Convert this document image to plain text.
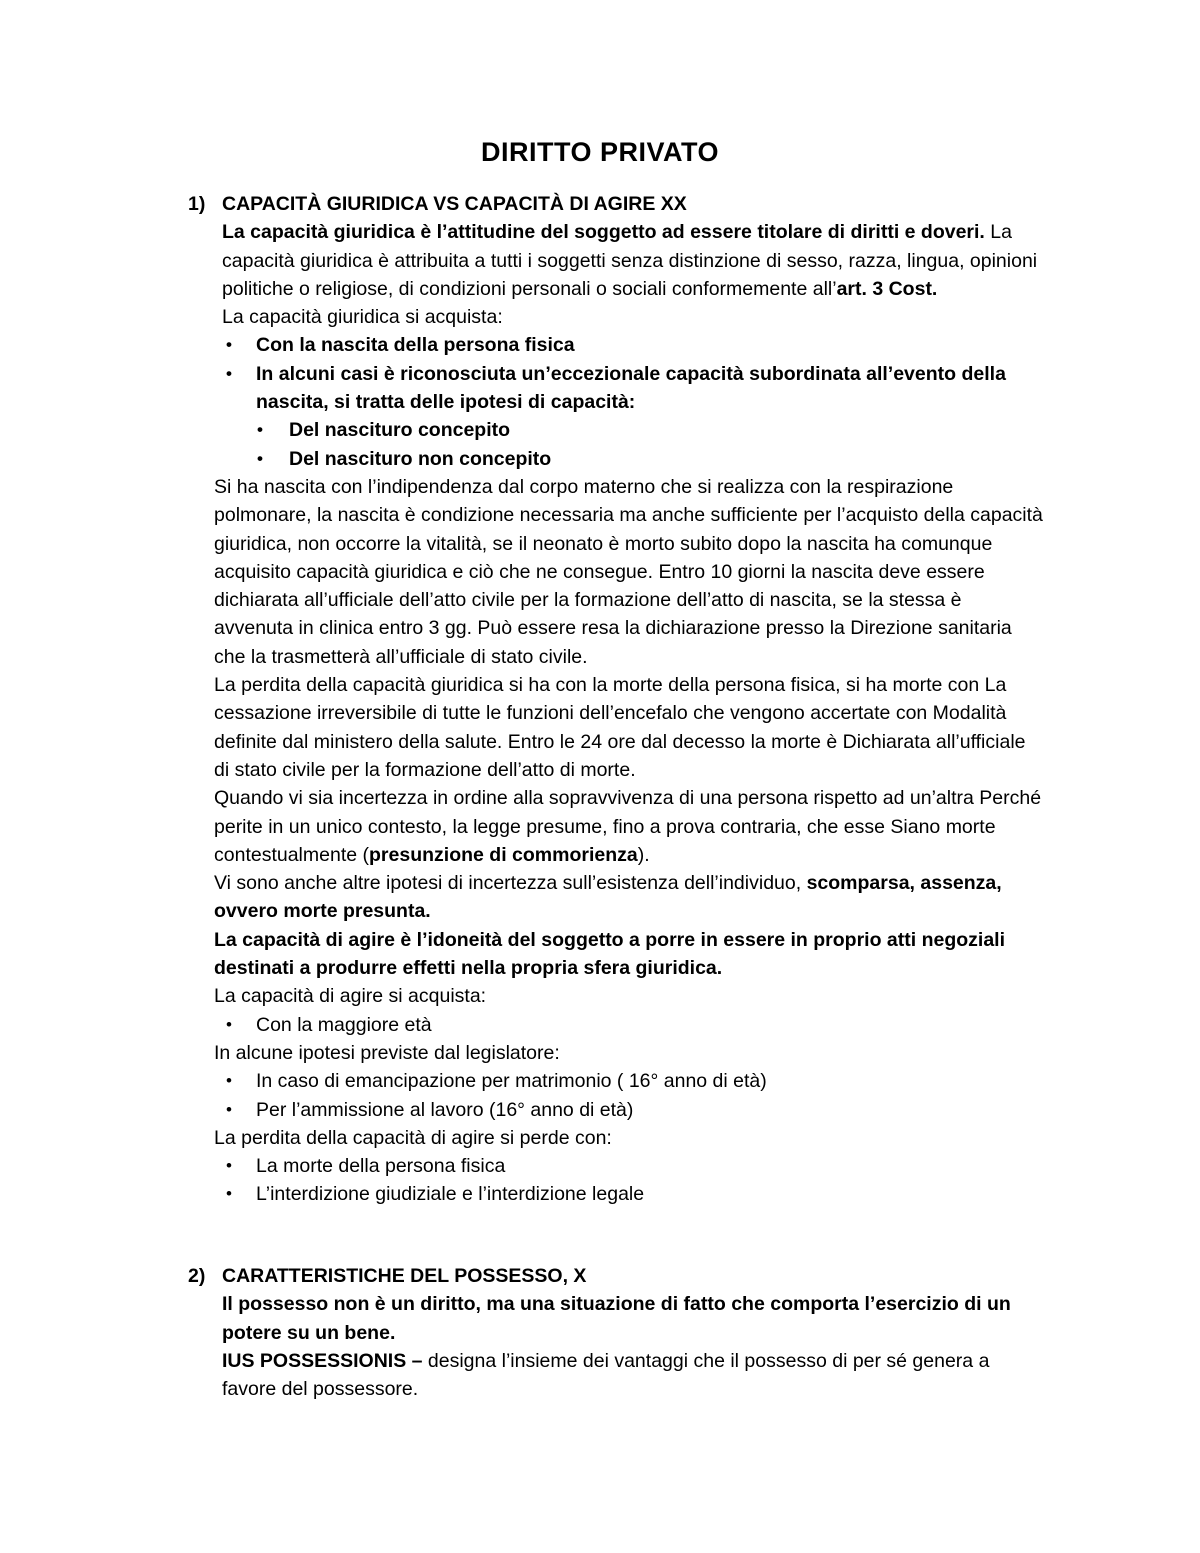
DIRITTO PRIVATO
1) CAPACITÀ GIURIDICA VS CAPACITÀ DI AGIRE XX
La capacità giuridica è l’attitudine del soggetto ad essere titolare di diritti e doveri. La capacità giuridica è attribuita a tutti i soggetti senza distinzione di sesso, razza, lingua, opinioni politiche o religiose, di condizioni personali o sociali conformemente all’art. 3 Cost.
La capacità giuridica si acquista:
• Con la nascita della persona fisica
• In alcuni casi è riconosciuta un’eccezionale capacità subordinata all’evento della nascita, si tratta delle ipotesi di capacità:
• Del nascituro concepito
• Del nascituro non concepito
Si ha nascita con l’indipendenza dal corpo materno che si realizza con la respirazione polmonare, la nascita è condizione necessaria ma anche sufficiente per l’acquisto della capacità giuridica, non occorre la vitalità, se il neonato è morto subito dopo la nascita ha comunque acquisito capacità giuridica e ciò che ne consegue. Entro 10 giorni la nascita deve essere dichiarata all’ufficiale dell’atto civile per la formazione dell’atto di nascita, se la stessa è avvenuta in clinica entro 3 gg. Può essere resa la dichiarazione presso la Direzione sanitaria che la trasmetterà all’ufficiale di stato civile.
La perdita della capacità giuridica si ha con la morte della persona fisica, si ha morte con La cessazione irreversibile di tutte le funzioni dell’encefalo che vengono accertate con Modalità definite dal ministero della salute. Entro le 24 ore dal decesso la morte è Dichiarata all’ufficiale di stato civile per la formazione dell’atto di morte.
Quando vi sia incertezza in ordine alla sopravvivenza di una persona rispetto ad un’altra Perché perite in un unico contesto, la legge presume, fino a prova contraria, che esse Siano morte contestualmente (presunzione di commorienza).
Vi sono anche altre ipotesi di incertezza sull’esistenza dell’individuo, scomparsa, assenza, ovvero morte presunta.
La capacità di agire è l’idoneità del soggetto a porre in essere in proprio atti negoziali destinati a produrre effetti nella propria sfera giuridica.
La capacità di agire si acquista:
• Con la maggiore età
In alcune ipotesi previste dal legislatore:
• In caso di emancipazione per matrimonio ( 16° anno di età)
• Per l’ammissione al lavoro (16° anno di età)
La perdita della capacità di agire si perde con:
• La morte della persona fisica
• L’interdizione giudiziale e l’interdizione legale
2) CARATTERISTICHE DEL POSSESSO, X
Il possesso non è un diritto, ma una situazione di fatto che comporta l’esercizio di un potere su un bene.
IUS POSSESSIONIS – designa l’insieme dei vantaggi che il possesso di per sé genera a favore del possessore.
